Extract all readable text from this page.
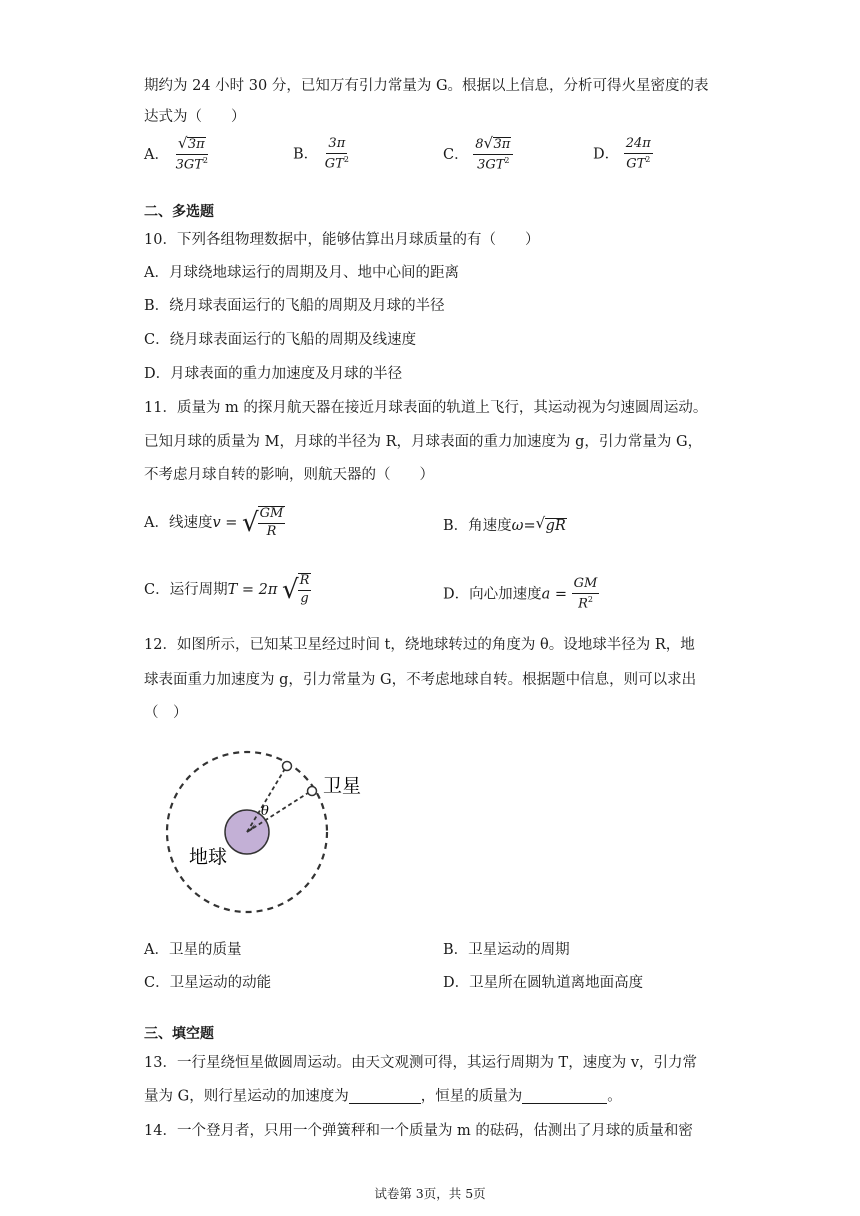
期约为 24 小时 30 分，已知万有引力常量为 G。根据以上信息，分析可得火星密度的表
达式为（　　）
A． √ $\frac{3\pi}{3GT^2}$	B． $\frac{3\pi}{GT^2}$	C． $\frac{8 √ 3\pi}{3GT^2}$	D． $\frac{24\pi}{GT^2}$
二、多选题
10．下列各组物理数据中，能够估算出月球质量的有（　　）
A．月球绕地球运行的周期及月、地中心间的距离
B．绕月球表面运行的飞船的周期及月球的半径
C．绕月球表面运行的飞船的周期及线速度
D．月球表面的重力加速度及月球的半径
11．质量为 m 的探月航天器在接近月球表面的轨道上飞行，其运动视为匀速圆周运动。
已知月球的质量为 M，月球的半径为 R，月球表面的重力加速度为 g，引力常量为 G，
不考虑月球自转的影响，则航天器的（　　）
A．线速度v = √ $\frac{GM}{R}$	B．角速度ω= √ gR
C．运行周期T = 2π √ $\frac{R}{g}$	D．向心加速度$a = \frac{GM}{R^2}$
12．如图所示，已知某卫星经过时间 t，绕地球转过的角度为 θ。设地球半径为 R，地
球表面重力加速度为 g，引力常量为 G，不考虑地球自转。根据题中信息，则可以求出
（　）
θ
卫星
地球
A．卫星的质量	B．卫星运动的周期
C．卫星运动的动能	D．卫星所在圆轨道离地面高度
三、填空题
13．一行星绕恒星做圆周运动。由天文观测可得，其运行周期为 T，速度为 v，引力常
量为 G，则行星运动的加速度为	，恒星的质量为	。
14．一个登月者，只用一个弹簧秤和一个质量为 m 的砝码，估测出了月球的质量和密
试卷第 3页，共 5页
